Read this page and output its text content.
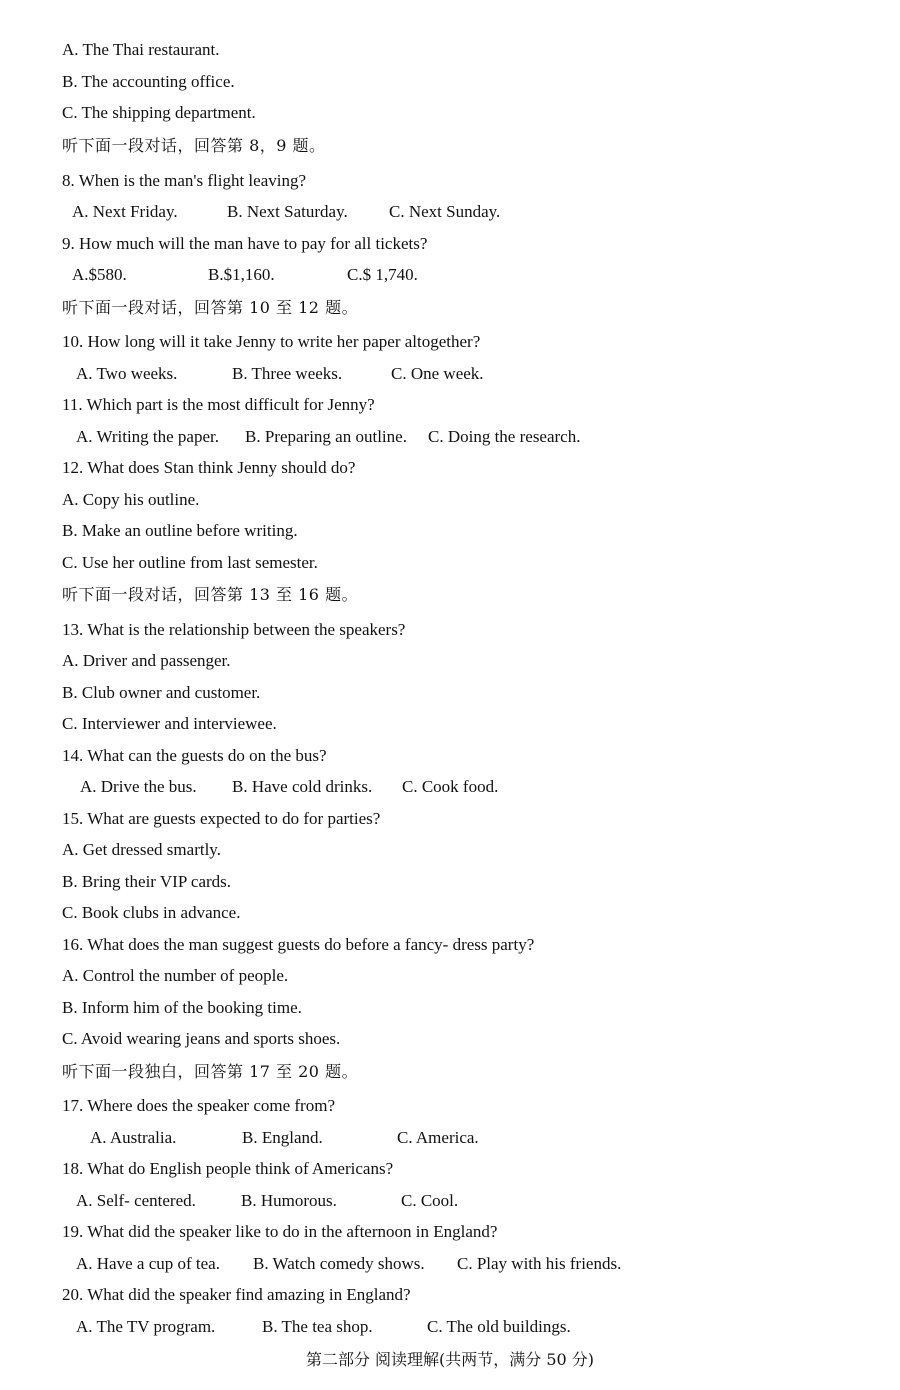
A. The Thai restaurant.
B. The accounting office.
C. The shipping department.
听下面一段对话，回答第 8，9 题。
8. When is the man's flight leaving?
A. Next Friday.	B. Next Saturday. C. Next Sunday.
9. How much will the man have to pay for all tickets?
A.$580.	B.$1,160.	C.$ 1,740.
听下面一段对话，回答第 10 至 12 题。
10. How long will it take Jenny to write her paper altogether?
A. Two weeks.	B. Three weeks.	C. One week.
11. Which part is the most difficult for Jenny?
A. Writing the paper. B. Preparing an outline. C. Doing the research.
12. What does Stan think Jenny should do?
A. Copy his outline.
B. Make an outline before writing.
C. Use her outline from last semester.
听下面一段对话，回答第 13 至 16 题。
13. What is the relationship between the speakers?
A. Driver and passenger.
B. Club owner and customer.
C. Interviewer and interviewee.
14. What can the guests do on the bus?
A. Drive the bus. B. Have cold drinks. C. Cook food.
15. What are guests expected to do for parties?
A. Get dressed smartly.
B. Bring their VIP cards.
C. Book clubs in advance.
16. What does the man suggest guests do before a fancy- dress party?
A. Control the number of people.
B. Inform him of the booking time.
C. Avoid wearing jeans and sports shoes.
听下面一段独白，回答第 17 至 20 题。
17. Where does the speaker come from?
A. Australia.	B. England.	C. America.
18. What do English people think of Americans?
A. Self- centered.	B. Humorous.	C. Cool.
19. What did the speaker like to do in the afternoon in England?
A. Have a cup of tea. B. Watch comedy shows. C. Play with his friends.
20. What did the speaker find amazing in England?
A. The TV program.	B. The tea shop.	C. The old buildings.
第二部分 阅读理解(共两节，满分 50 分)
